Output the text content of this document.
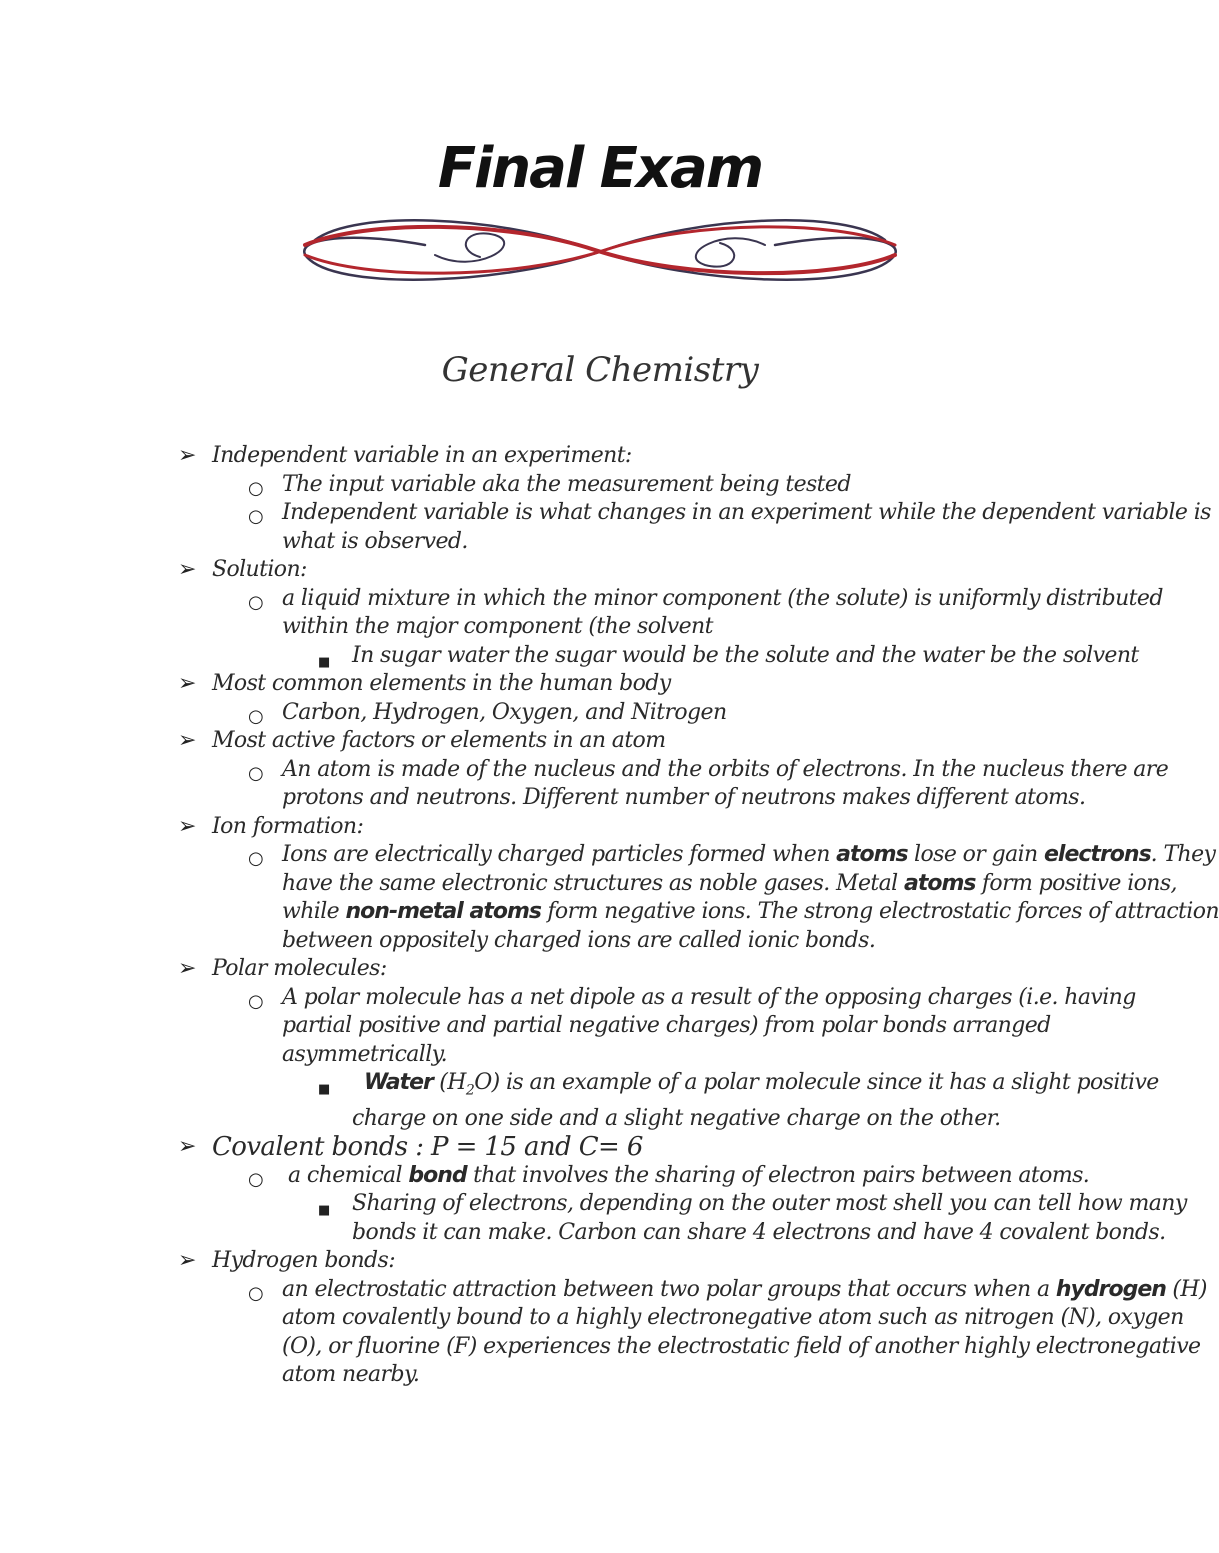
Final Exam
General Chemistry
➢ Independent variable in an experiment:
○ The input variable aka the measurement being tested
○ Independent variable is what changes in an experiment while the dependent variable is
what is observed.
➢ Solution:
○ a liquid mixture in which the minor component (the solute) is uniformly distributed
within the major component (the solvent
■ In sugar water the sugar would be the solute and the water be the solvent
➢ Most common elements in the human body
○ Carbon, Hydrogen, Oxygen, and Nitrogen
➢ Most active factors or elements in an atom
○ An atom is made of the nucleus and the orbits of electrons. In the nucleus there are
protons and neutrons. Different number of neutrons makes different atoms.
➢ Ion formation:
○ Ions are electrically charged particles formed when atoms lose or gain electrons. They
have the same electronic structures as noble gases. Metal atoms form positive ions,
while non-metal atoms form negative ions. The strong electrostatic forces of attraction
between oppositely charged ions are called ionic bonds.
➢ Polar molecules:
○ A polar molecule has a net dipole as a result of the opposing charges (i.e. having
partial positive and partial negative charges) from polar bonds arranged
asymmetrically.
■ Water $(H_2O)$ is an example of a polar molecule since it has a slight positive
charge on one side and a slight negative charge on the other.
➢ Covalent bonds : P = 15 and C= 6
○ a chemical bond that involves the sharing of electron pairs between atoms.
■ Sharing of electrons, depending on the outer most shell you can tell how many
bonds it can make. Carbon can share 4 electrons and have 4 covalent bonds.
➢ Hydrogen bonds:
○ an electrostatic attraction between two polar groups that occurs when a hydrogen (H)
atom covalently bound to a highly electronegative atom such as nitrogen (N), oxygen
(O), or fluorine (F) experiences the electrostatic field of another highly electronegative
atom nearby.
